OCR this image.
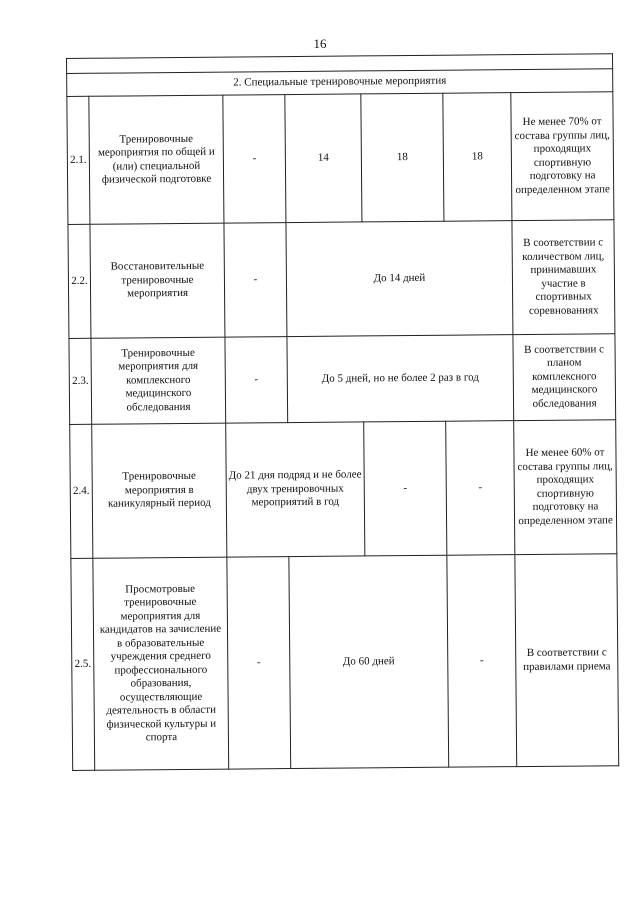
16

2. Специальные тренировочные мероприятия						
2.1.	Тренировочные мероприятия по общей и (или) специальной физической подготовке	-	14	18	18	Не менее 70% от состава группы лиц, проходящих спортивную подготовку на определенном этапе
2.2.	Восстановительные тренировочные мероприятия	-	До 14 дней			В соответствии с количеством лиц, принимавших участие в спортивных соревнованиях
2.3.	Тренировочные мероприятия для комплексного медицинского обследования	-	До 5 дней, но не более 2 раз в год			В соответствии с планом комплексного медицинского обследования
2.4.	Тренировочные мероприятия в каникулярный период	До 21 дня подряд и не более двух тренировочных мероприятий в год		-	-	Не менее 60% от состава группы лиц, проходящих спортивную подготовку на определенном этапе
2.5.	Просмотровые тренировочные мероприятия для кандидатов на зачисление в образовательные учреждения среднего профессионального образования, осуществляющие деятельность в области физической культуры и спорта	-	До 60 дней		-	В соответствии с правилами приема
